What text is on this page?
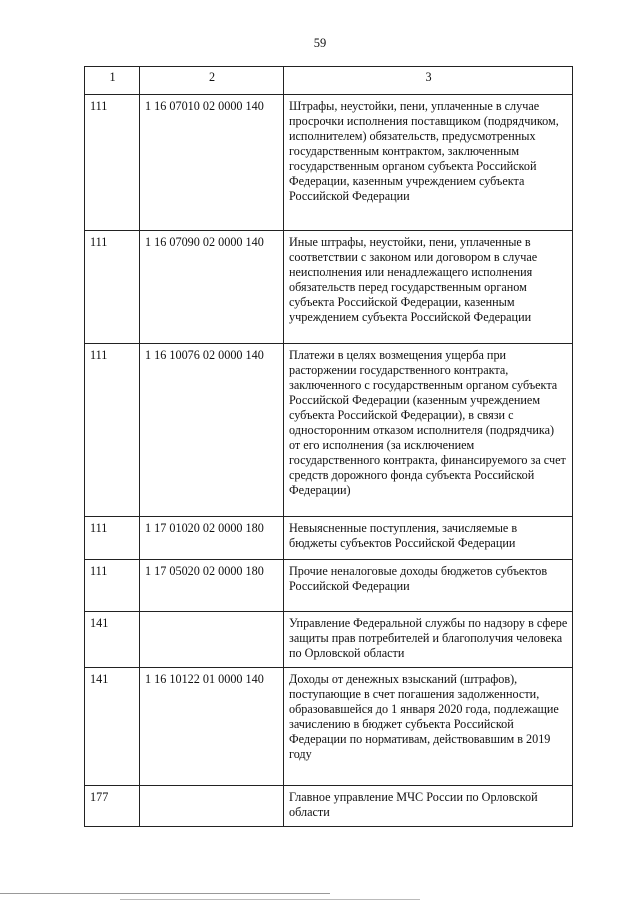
59
1	2	3
111	1 16 07010 02 0000 140	Штрафы, неустойки, пени, уплаченные в случае просрочки исполнения поставщиком (подрядчиком, исполнителем) обязательств, предусмотренных государственным контрактом, заключенным государственным органом субъекта Российской Федерации, казенным учреждением субъекта Российской Федерации
111	1 16 07090 02 0000 140	Иные штрафы, неустойки, пени, уплаченные в соответствии с законом или договором в случае неисполнения или ненадлежащего исполнения обязательств перед государственным органом субъекта Российской Федерации, казенным учреждением субъекта Российской Федерации
111	1 16 10076 02 0000 140	Платежи в целях возмещения ущерба при расторжении государственного контракта, заключенного с государственным органом субъекта Российской Федерации (казенным учреждением субъекта Российской Федерации), в связи с односторонним отказом исполнителя (подрядчика) от его исполнения (за исключением государственного контракта, финансируемого за счет средств дорожного фонда субъекта Российской Федерации)
111	1 17 01020 02 0000 180	Невыясненные поступления, зачисляемые в бюджеты субъектов Российской Федерации
111	1 17 05020 02 0000 180	Прочие неналоговые доходы бюджетов субъектов Российской Федерации
141		Управление Федеральной службы по надзору в сфере защиты прав потребителей и благополучия человека по Орловской области
141	1 16 10122 01 0000 140	Доходы от денежных взысканий (штрафов), поступающие в счет погашения задолженности, образовавшейся до 1 января 2020 года, подлежащие зачислению в бюджет субъекта Российской Федерации по нормативам, действовавшим в 2019 году
177		Главное управление МЧС России по Орловской области
